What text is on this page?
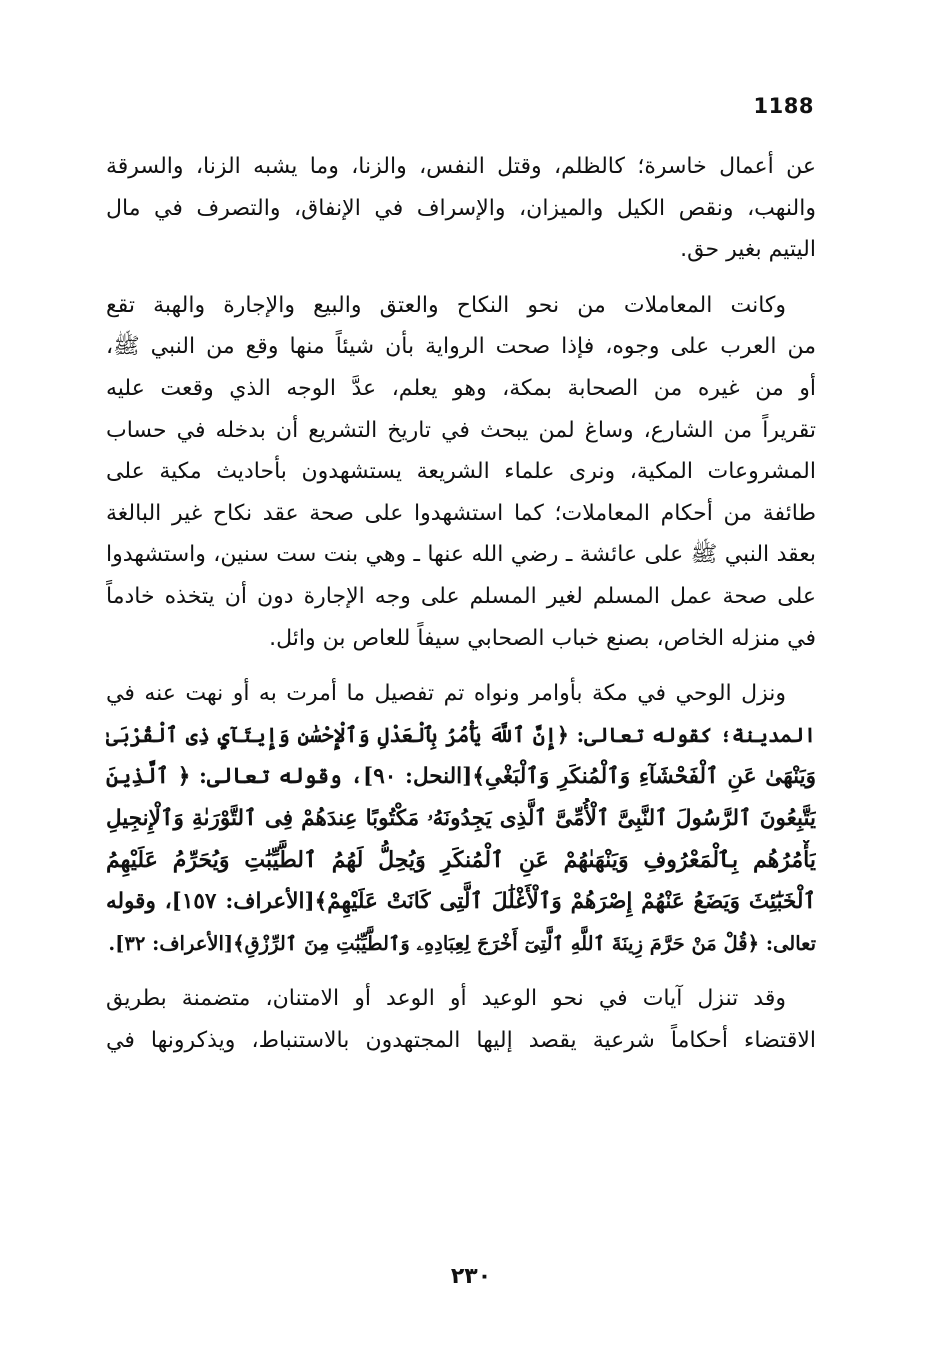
1188
عن أعمال خاسرة؛ كالظلم، وقتل النفس، والزنا، وما يشبه الزنا، والسرقة
والنهب، ونقص الكيل والميزان، والإسراف في الإنفاق، والتصرف في مال
اليتيم بغير حق.
وكانت المعاملات من نحو النكاح والعتق والبيع والإجارة والهبة تقع
من العرب على وجوه، فإذا صحت الرواية بأن شيئاً منها وقع من النبي ﷺ،
أو من غيره من الصحابة بمكة، وهو يعلم، عدَّ الوجه الذي وقعت عليه
تقريراً من الشارع، وساغ لمن يبحث في تاريخ التشريع أن بدخله في حساب
المشروعات المكية، ونرى علماء الشريعة يستشهدون بأحاديث مكية على
طائفة من أحكام المعاملات؛ كما استشهدوا على صحة عقد نكاح غير البالغة
بعقد النبي ﷺ على عائشة ـ رضي الله عنها ـ وهي بنت ست سنين، واستشهدوا
على صحة عمل المسلم لغير المسلم على وجه الإجارة دون أن يتخذه خادماً
في منزله الخاص، بصنع خباب الصحابي سيفاً للعاص بن وائل.
ونزل الوحي في مكة بأوامر ونواه تم تفصيل ما أمرت به أو نهت عنه في
المدينة؛ كقوله تعالى: ﴿إِنَّ ٱللَّهَ يَأْمُرُ بِٱلْعَدْلِ وَٱلْإِحْسَٰنِ وَإِيتَآيِٕ ذِى ٱلْقُرْبَىٰ
وَيَنْهَىٰ عَنِ ٱلْفَحْشَآءِ وَٱلْمُنكَرِ وَٱلْبَغْىِ﴾[النحل: ٩٠]، وقوله تعالى: ﴿ ٱلَّذِينَ
يَتَّبِعُونَ ٱلرَّسُولَ ٱلنَّبِىَّ ٱلْأُمِّىَّ ٱلَّذِى يَجِدُونَهُۥ مَكْتُوبًا عِندَهُمْ فِى ٱلتَّوْرَىٰةِ وَٱلْإِنجِيلِ
يَأْمُرُهُم بِٱلْمَعْرُوفِ وَيَنْهَىٰهُمْ عَنِ ٱلْمُنكَرِ وَيُحِلُّ لَهُمُ ٱلطَّيِّبَٰتِ وَيُحَرِّمُ عَلَيْهِمُ
ٱلْخَبَٰٓئِثَ وَيَضَعُ عَنْهُمْ إِصْرَهُمْ وَٱلْأَغْلَٰلَ ٱلَّتِى كَانَتْ عَلَيْهِمْ﴾[الأعراف: ١٥٧]، وقوله
تعالى: ﴿قُلْ مَنْ حَرَّمَ زِينَةَ ٱللَّهِ ٱلَّتِىٓ أَخْرَجَ لِعِبَادِهِۦ وَٱلطَّيِّبَٰتِ مِنَ ٱلرِّزْقِ﴾[الأعراف: ٣٢].
وقد تنزل آيات في نحو الوعيد أو الوعد أو الامتنان، متضمنة بطريق
الاقتضاء أحكاماً شرعية يقصد إليها المجتهدون بالاستنباط، ويذكرونها في
٢٣٠
